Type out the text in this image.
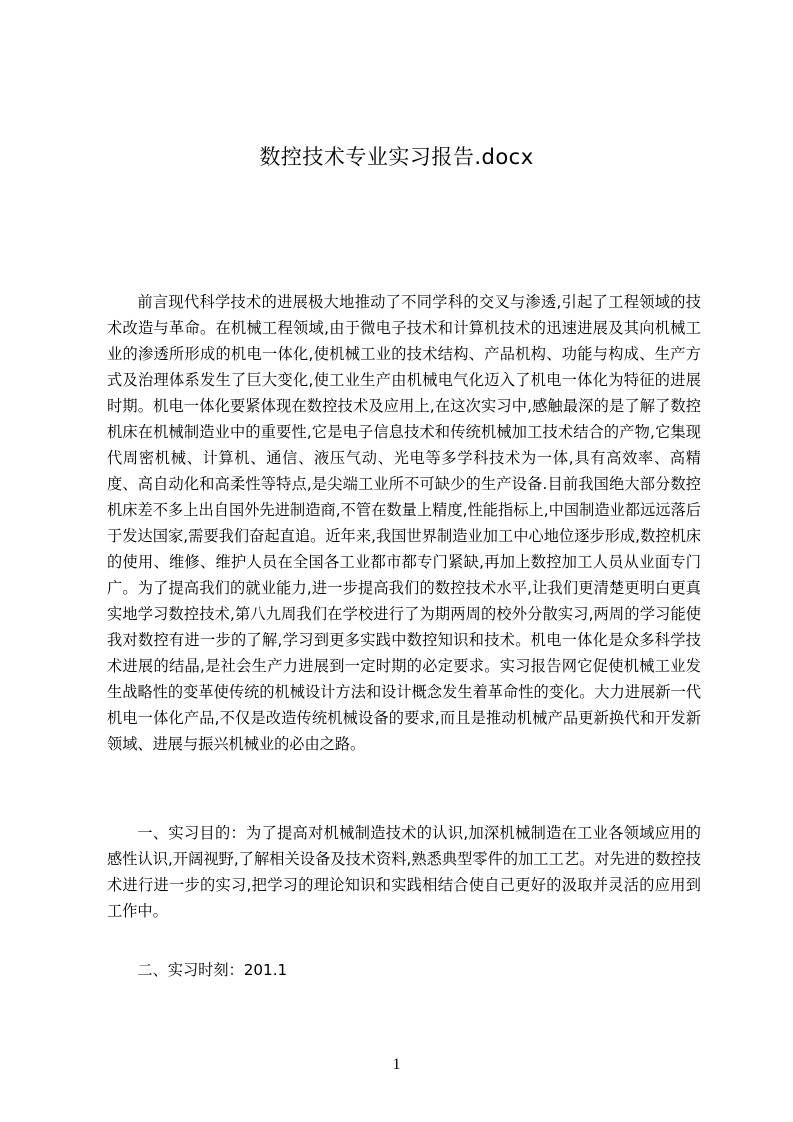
数控技术专业实习报告.docx

前言现代科学技术的进展极大地推动了不同学科的交叉与渗透,引起了工程领域的技术改造与革命。在机械工程领域,由于微电子技术和计算机技术的迅速进展及其向机械工业的渗透所形成的机电一体化,使机械工业的技术结构、产品机构、功能与构成、生产方式及治理体系发生了巨大变化,使工业生产由机械电气化迈入了机电一体化为特征的进展时期。机电一体化要紧体现在数控技术及应用上,在这次实习中,感触最深的是了解了数控机床在机械制造业中的重要性,它是电子信息技术和传统机械加工技术结合的产物,它集现代周密机械、计算机、通信、液压气动、光电等多学科技术为一体,具有高效率、高精度、高自动化和高柔性等特点,是尖端工业所不可缺少的生产设备.目前我国绝大部分数控机床差不多上出自国外先进制造商,不管在数量上精度,性能指标上,中国制造业都远远落后于发达国家,需要我们奋起直追。近年来,我国世界制造业加工中心地位逐步形成,数控机床的使用、维修、维护人员在全国各工业都市都专门紧缺,再加上数控加工人员从业面专门广。为了提高我们的就业能力,进一步提高我们的数控技术水平,让我们更清楚更明白更真实地学习数控技术,第八九周我们在学校进行了为期两周的校外分散实习,两周的学习能使我对数控有进一步的了解,学习到更多实践中数控知识和技术。机电一体化是众多科学技术进展的结晶,是社会生产力进展到一定时期的必定要求。实习报告网它促使机械工业发生战略性的变革使传统的机械设计方法和设计概念发生着革命性的变化。大力进展新一代机电一体化产品,不仅是改造传统机械设备的要求,而且是推动机械产品更新换代和开发新领域、进展与振兴机械业的必由之路。

一、实习目的：为了提高对机械制造技术的认识,加深机械制造在工业各领域应用的感性认识,开阔视野,了解相关设备及技术资料,熟悉典型零件的加工工艺。对先进的数控技术进行进一步的实习,把学习的理论知识和实践相结合使自己更好的汲取并灵活的应用到工作中。

二、实习时刻：201.1

1
